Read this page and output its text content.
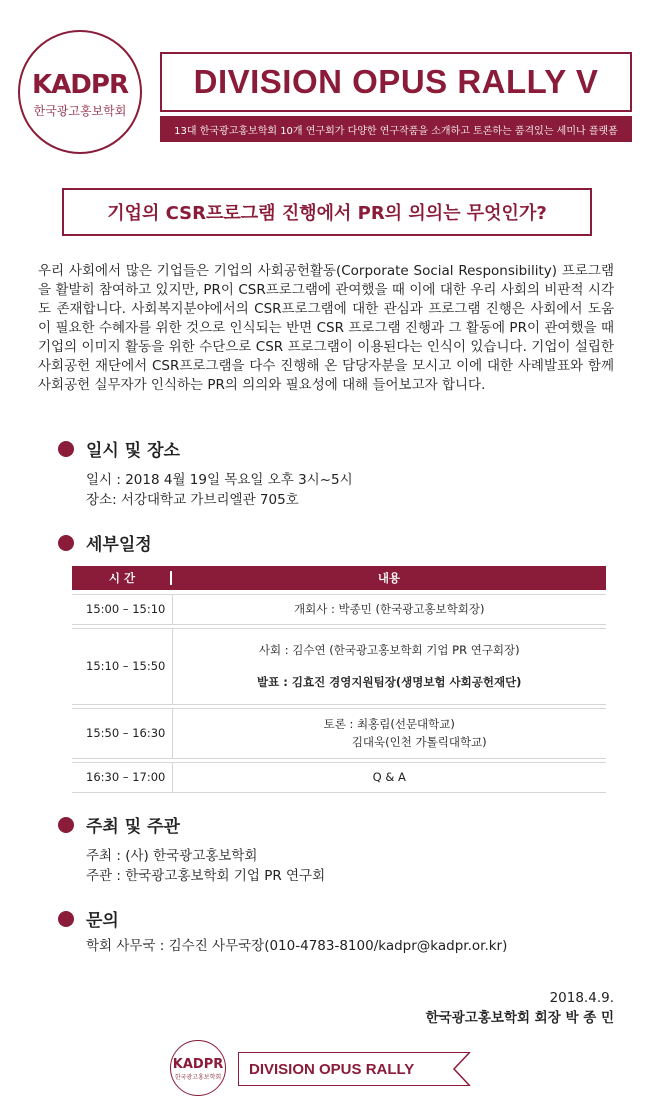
KADPR
한국광고홍보학회
DIVISION OPUS RALLY V
13대 한국광고홍보학회 10개 연구회가 다양한 연구작품을 소개하고 토론하는 품격있는 세미나 플랫폼
기업의 CSR프로그램 진행에서 PR의 의의는 무엇인가?

우리 사회에서 많은 기업들은 기업의 사회공헌활동(Corporate Social Responsibility) 프로그램을 활발히 참여하고 있지만, PR이 CSR프로그램에 관여했을 때 이에 대한 우리 사회의 비판적 시각도 존재합니다. 사회복지분야에서의 CSR프로그램에 대한 관심과 프로그램 진행은 사회에서 도움이 필요한 수혜자를 위한 것으로 인식되는 반면 CSR 프로그램 진행과 그 활동에 PR이 관여했을 때 기업의 이미지 활동을 위한 수단으로 CSR 프로그램이 이용된다는 인식이 있습니다. 기업이 설립한 사회공헌 재단에서 CSR프로그램을 다수 진행해 온 담당자분을 모시고 이에 대한 사례발표와 함께 사회공헌 실무자가 인식하는 PR의 의의와 필요성에 대해 들어보고자 합니다.

일시 및 장소
일시 : 2018 4월 19일 목요일 오후 3시~5시
장소: 서강대학교 가브리엘관 705호
세부일정
시 간	내용

15:00 – 15:10	개회사 : 박종민 (한국광고홍보학회장)

15:10 – 15:50	사회 : 김수연 (한국광고홍보학회 기업 PR 연구회장)
발표 : 김효진 경영지원팀장(생명보험 사회공헌재단)

15:50 – 16:30	토론 : 최홍림(선문대학교)
김대욱(인천 가톨릭대학교)

16:30 – 17:00	Q & A
주최 및 주관
주최 : (사) 한국광고홍보학회
주관 : 한국광고홍보학회 기업 PR 연구회
문의
학회 사무국 : 김수진 사무국장(010-4783-8100/kadpr@kadpr.or.kr)
2018.4.9.
한국광고홍보학회 회장 박 종 민
KADPR
한국광고홍보학회 DIVISION OPUS RALLY
